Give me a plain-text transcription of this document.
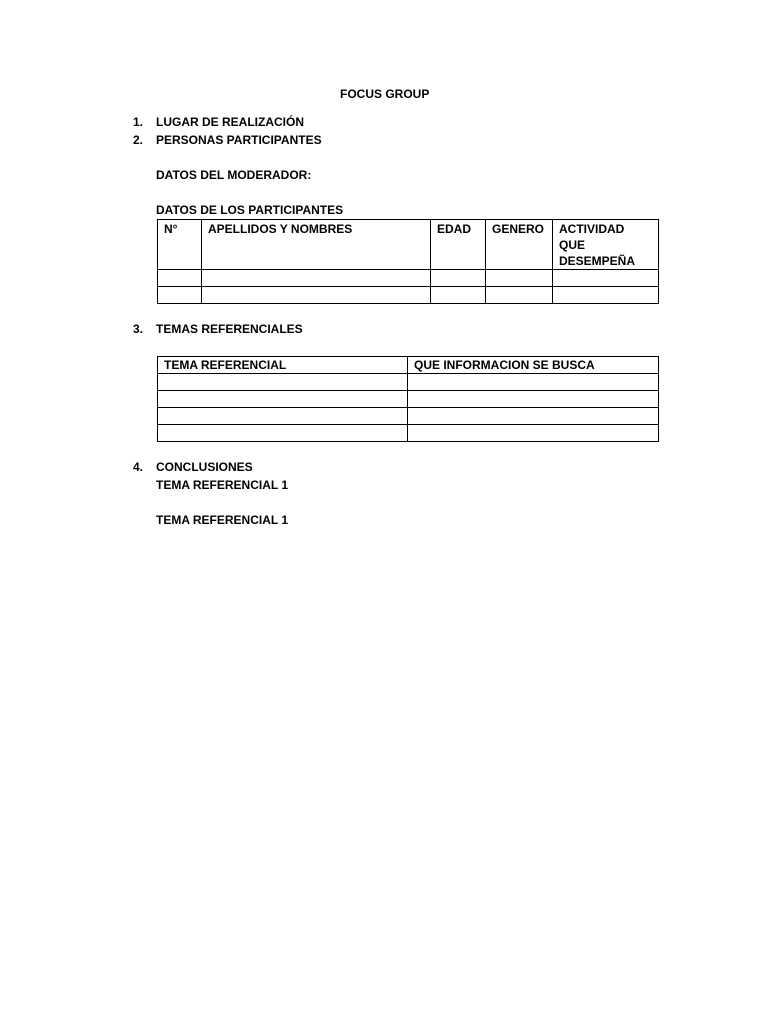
FOCUS GROUP
1. LUGAR DE REALIZACIÓN
2. PERSONAS PARTICIPANTES
DATOS DEL MODERADOR:
DATOS DE LOS PARTICIPANTES
N°	APELLIDOS Y NOMBRES	EDAD	GENERO	ACTIVIDAD QUE DESEMPEÑA

3. TEMAS REFERENCIALES
TEMA REFERENCIAL	QUE INFORMACION SE BUSCA

4. CONCLUSIONES
TEMA REFERENCIAL 1
TEMA REFERENCIAL 1
